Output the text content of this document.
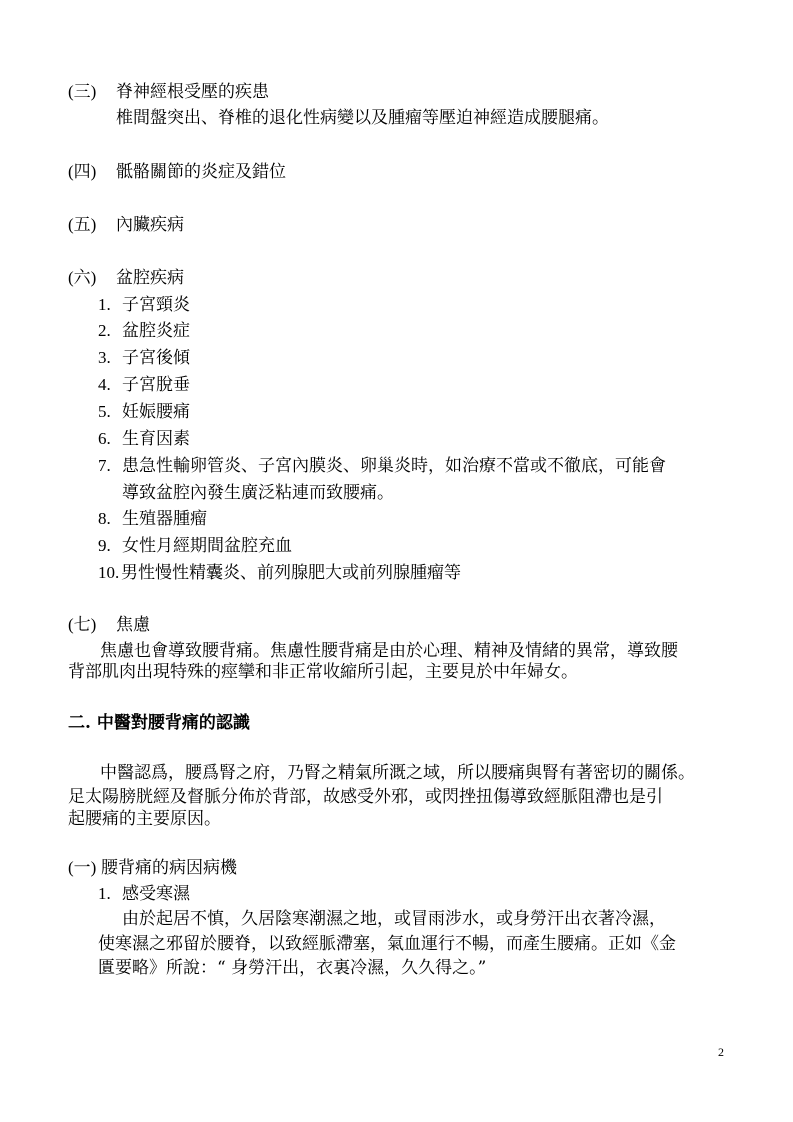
(三) 脊神經根受壓的疾患
椎間盤突出、脊椎的退化性病變以及腫瘤等壓迫神經造成腰腿痛。
(四) 骶骼關節的炎症及錯位
(五) 內臟疾病
(六) 盆腔疾病
1. 子宮頸炎
2. 盆腔炎症
3. 子宮後傾
4. 子宮脫垂
5. 妊娠腰痛
6. 生育因素
7. 患急性輸卵管炎、子宮內膜炎、卵巢炎時，如治療不當或不徹底，可能會
導致盆腔內發生廣泛粘連而致腰痛。
8. 生殖器腫瘤
9. 女性月經期間盆腔充血
10. 男性慢性精囊炎、前列腺肥大或前列腺腫瘤等
(七) 焦慮
焦慮也會導致腰背痛。焦慮性腰背痛是由於心理、精神及情緒的異常，導致腰
背部肌肉出現特殊的痙攣和非正常收縮所引起，主要見於中年婦女。
二. 中醫對腰背痛的認識
中醫認爲，腰爲腎之府，乃腎之精氣所溉之域，所以腰痛與腎有著密切的關係。
足太陽膀胱經及督脈分佈於背部，故感受外邪，或閃挫扭傷導致經脈阻滯也是引
起腰痛的主要原因。
(一) 腰背痛的病因病機
1. 感受寒濕
由於起居不慎，久居陰寒潮濕之地，或冒雨涉水，或身勞汗出衣著冷濕，
使寒濕之邪留於腰脊，以致經脈滯塞，氣血運行不暢，而產生腰痛。正如《金
匱要略》所說：“ 身勞汗出，衣裏冷濕，久久得之。”
2
